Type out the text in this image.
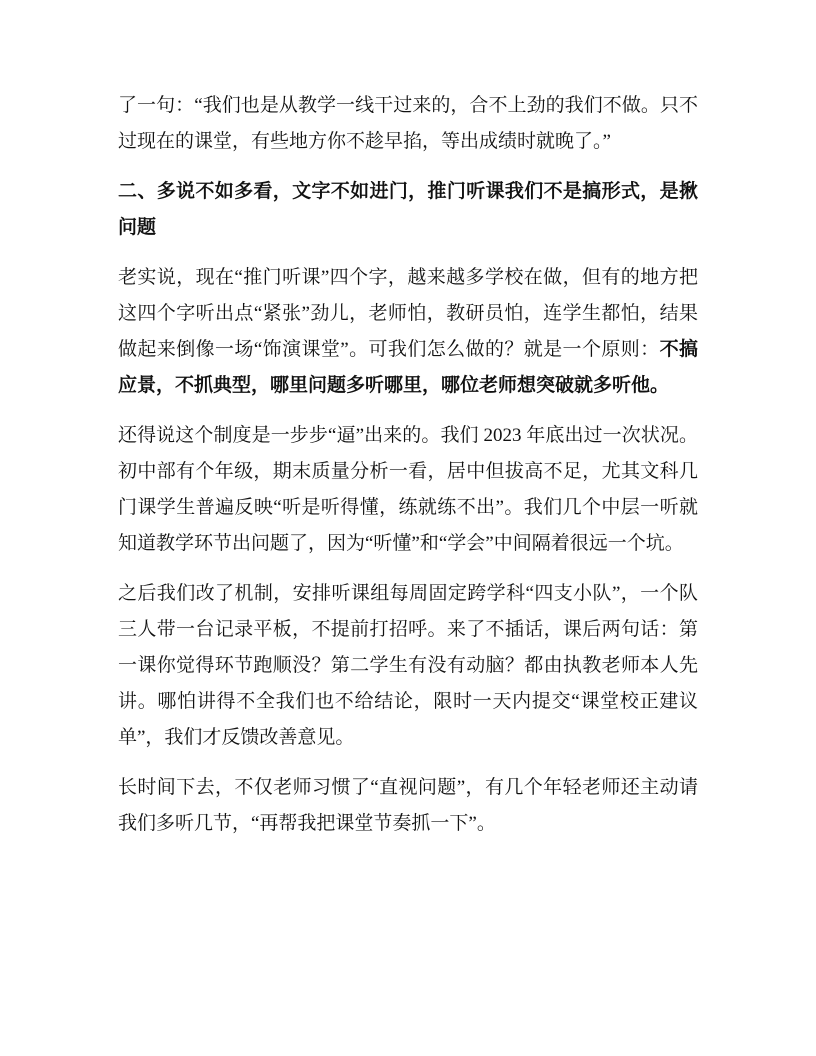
了一句：“我们也是从教学一线干过来的，合不上劲的我们不做。只不过现在的课堂，有些地方你不趁早掐，等出成绩时就晚了。”

二、多说不如多看，文字不如进门，推门听课我们不是搞形式，是揪问题

老实说，现在“推门听课”四个字，越来越多学校在做，但有的地方把这四个字听出点“紧张”劲儿，老师怕，教研员怕，连学生都怕，结果做起来倒像一场“饰演课堂”。可我们怎么做的？就是一个原则：不搞应景，不抓典型，哪里问题多听哪里，哪位老师想突破就多听他。

还得说这个制度是一步步“逼”出来的。我们 2023 年底出过一次状况。初中部有个年级，期末质量分析一看，居中但拔高不足，尤其文科几门课学生普遍反映“听是听得懂，练就练不出”。我们几个中层一听就知道教学环节出问题了，因为“听懂”和“学会”中间隔着很远一个坑。

之后我们改了机制，安排听课组每周固定跨学科“四支小队”，一个队三人带一台记录平板，不提前打招呼。来了不插话，课后两句话：第一课你觉得环节跑顺没？第二学生有没有动脑？都由执教老师本人先讲。哪怕讲得不全我们也不给结论，限时一天内提交“课堂校正建议单”，我们才反馈改善意见。

长时间下去，不仅老师习惯了“直视问题”，有几个年轻老师还主动请我们多听几节，“再帮我把课堂节奏抓一下”。
